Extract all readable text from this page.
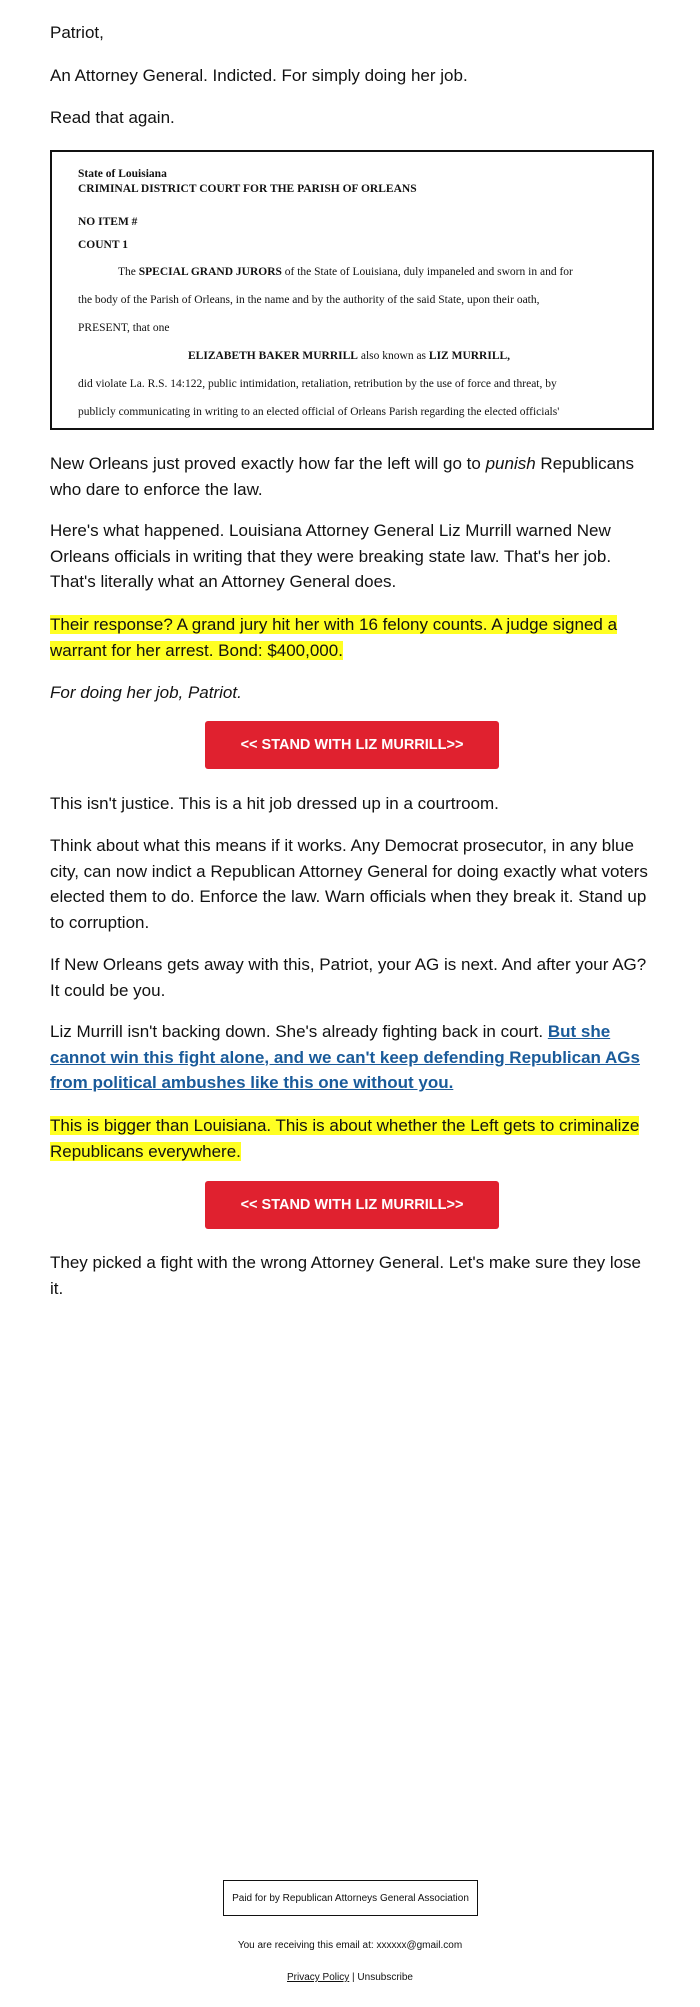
Patriot,

An Attorney General. Indicted. For simply doing her job.

Read that again.

State of Louisiana
CRIMINAL DISTRICT COURT FOR THE PARISH OF ORLEANS
NO ITEM #
COUNT 1
The SPECIAL GRAND JURORS of the State of Louisiana, duly impaneled and sworn in and for
the body of the Parish of Orleans, in the name and by the authority of the said State, upon their oath,
PRESENT, that one
ELIZABETH BAKER MURRILL also known as LIZ MURRILL,
did violate La. R.S. 14:122, public intimidation, retaliation, retribution by the use of force and threat, by
publicly communicating in writing to an elected official of Orleans Parish regarding the elected officials'

New Orleans just proved exactly how far the left will go to punish Republicans who dare to enforce the law.

Here's what happened. Louisiana Attorney General Liz Murrill warned New Orleans officials in writing that they were breaking state law. That's her job. That's literally what an Attorney General does.

Their response? A grand jury hit her with 16 felony counts. A judge signed a warrant for her arrest. Bond: $400,000.

For doing her job, Patriot.

<< STAND WITH LIZ MURRILL>>

This isn't justice. This is a hit job dressed up in a courtroom.

Think about what this means if it works. Any Democrat prosecutor, in any blue city, can now indict a Republican Attorney General for doing exactly what voters elected them to do. Enforce the law. Warn officials when they break it. Stand up to corruption.

If New Orleans gets away with this, Patriot, your AG is next. And after your AG? It could be you.

Liz Murrill isn't backing down. She's already fighting back in court. But she cannot win this fight alone, and we can't keep defending Republican AGs from political ambushes like this one without you.

This is bigger than Louisiana. This is about whether the Left gets to criminalize Republicans everywhere.

<< STAND WITH LIZ MURRILL>>

They picked a fight with the wrong Attorney General. Let's make sure they lose it.

Paid for by Republican Attorneys General Association
You are receiving this email at: xxxxxx@gmail.com
Privacy Policy | Unsubscribe
